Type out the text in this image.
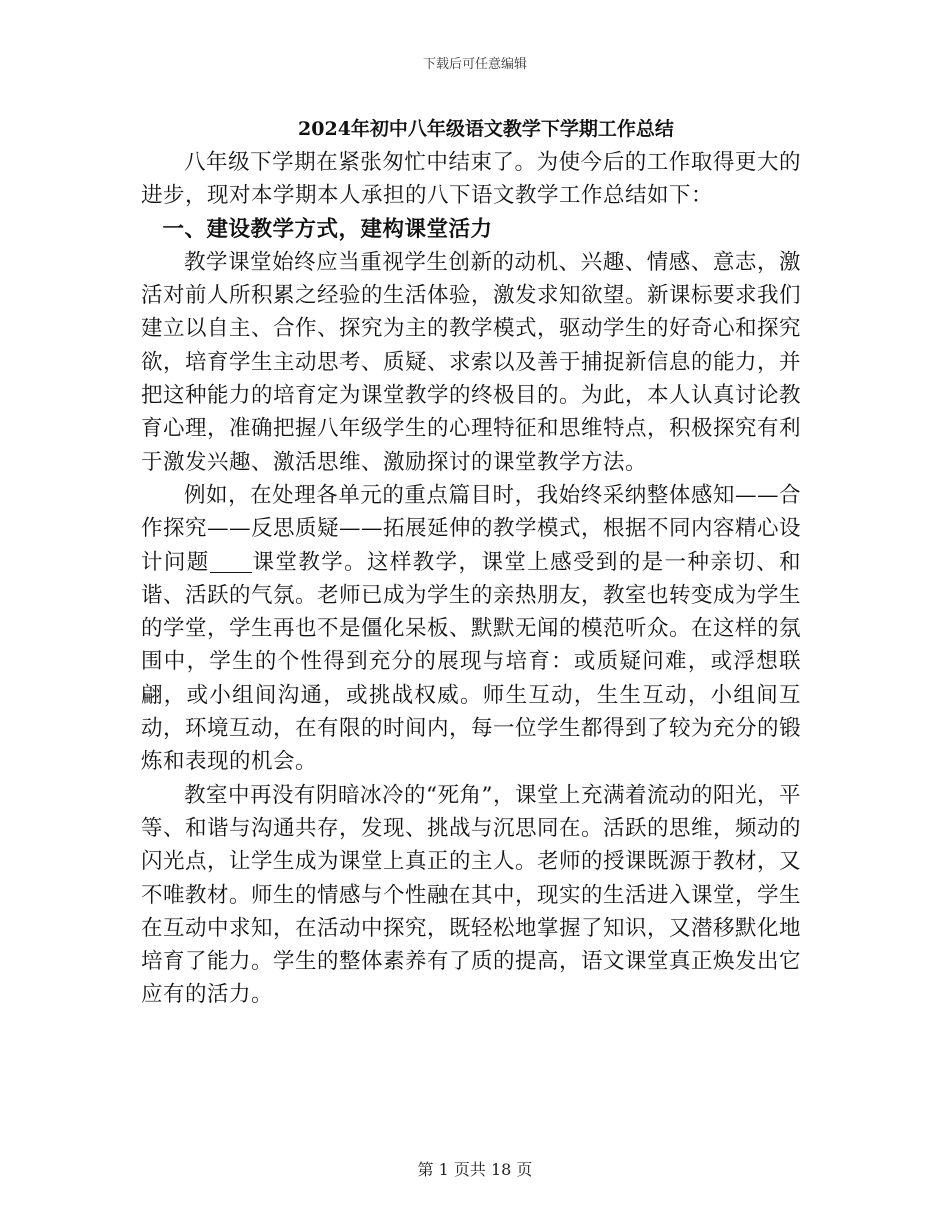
下载后可任意编辑
2024年初中八年级语文教学下学期工作总结

八年级下学期在紧张匆忙中结束了。为使今后的工作取得更大的进步，现对本学期本人承担的八下语文教学工作总结如下：

一、建设教学方式，建构课堂活力

教学课堂始终应当重视学生创新的动机、兴趣、情感、意志，激活对前人所积累之经验的生活体验，激发求知欲望。新课标要求我们建立以自主、合作、探究为主的教学模式，驱动学生的好奇心和探究欲，培育学生主动思考、质疑、求索以及善于捕捉新信息的能力，并把这种能力的培育定为课堂教学的终极目的。为此，本人认真讨论教育心理，准确把握八年级学生的心理特征和思维特点，积极探究有利于激发兴趣、激活思维、激励探讨的课堂教学方法。

例如，在处理各单元的重点篇目时，我始终采纳整体感知——合作探究——反思质疑——拓展延伸的教学模式，根据不同内容精心设计问题 课堂教学。这样教学，课堂上感受到的是一种亲切、和谐、活跃的气氛。老师已成为学生的亲热朋友，教室也转变成为学生的学堂，学生再也不是僵化呆板、默默无闻的模范听众。在这样的氛围中，学生的个性得到充分的展现与培育：或质疑问难，或浮想联翩，或小组间沟通，或挑战权威。师生互动，生生互动，小组间互动，环境互动，在有限的时间内，每一位学生都得到了较为充分的锻炼和表现的机会。

教室中再没有阴暗冰冷的“死角”，课堂上充满着流动的阳光，平等、和谐与沟通共存，发现、挑战与沉思同在。活跃的思维，频动的闪光点，让学生成为课堂上真正的主人。老师的授课既源于教材，又不唯教材。师生的情感与个性融在其中，现实的生活进入课堂，学生在互动中求知，在活动中探究，既轻松地掌握了知识，又潜移默化地培育了能力。学生的整体素养有了质的提高，语文课堂真正焕发出它应有的活力。

第 1 页共 18 页
